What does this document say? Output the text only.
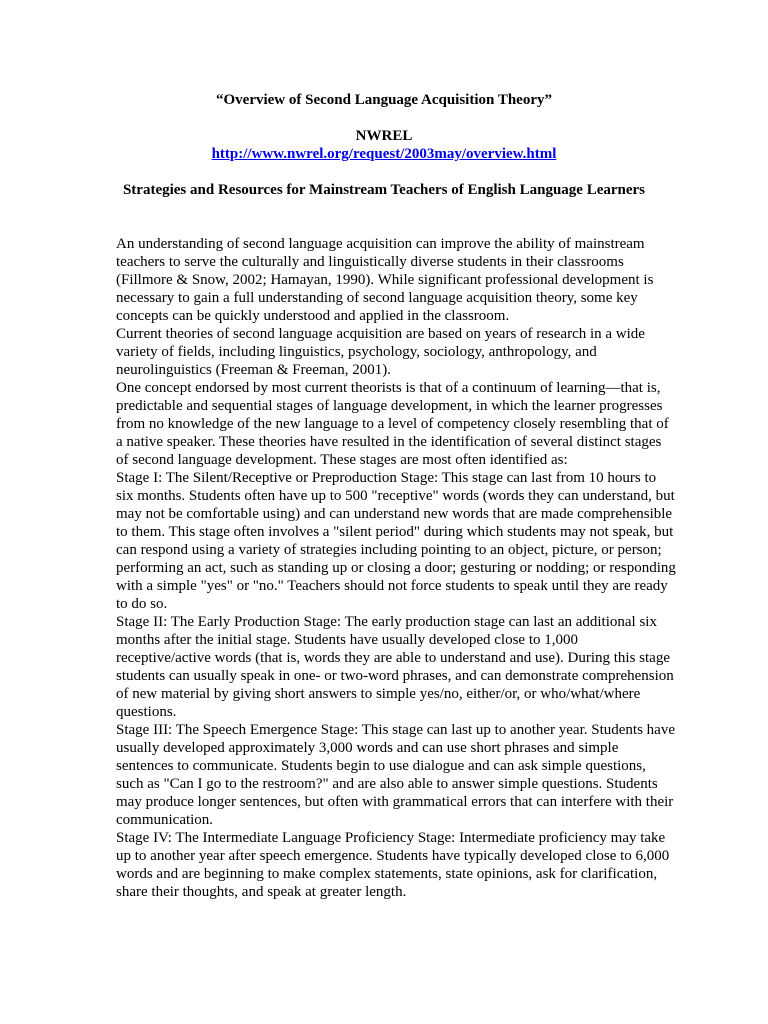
“Overview of Second Language Acquisition Theory”
NWREL
http://www.nwrel.org/request/2003may/overview.html
Strategies and Resources for Mainstream Teachers of English Language Learners

An understanding of second language acquisition can improve the ability of mainstream teachers to serve the culturally and linguistically diverse students in their classrooms (Fillmore & Snow, 2002; Hamayan, 1990). While significant professional development is necessary to gain a full understanding of second language acquisition theory, some key concepts can be quickly understood and applied in the classroom.

Current theories of second language acquisition are based on years of research in a wide variety of fields, including linguistics, psychology, sociology, anthropology, and neurolinguistics (Freeman & Freeman, 2001).

One concept endorsed by most current theorists is that of a continuum of learning—that is, predictable and sequential stages of language development, in which the learner progresses from no knowledge of the new language to a level of competency closely resembling that of a native speaker. These theories have resulted in the identification of several distinct stages of second language development. These stages are most often identified as:

Stage I: The Silent/Receptive or Preproduction Stage: This stage can last from 10 hours to six months. Students often have up to 500 "receptive" words (words they can understand, but may not be comfortable using) and can understand new words that are made comprehensible to them. This stage often involves a "silent period" during which students may not speak, but can respond using a variety of strategies including pointing to an object, picture, or person; performing an act, such as standing up or closing a door; gesturing or nodding; or responding with a simple "yes" or "no." Teachers should not force students to speak until they are ready to do so.

Stage II: The Early Production Stage: The early production stage can last an additional six months after the initial stage. Students have usually developed close to 1,000 receptive/active words (that is, words they are able to understand and use). During this stage students can usually speak in one- or two-word phrases, and can demonstrate comprehension of new material by giving short answers to simple yes/no, either/or, or who/what/where questions.

Stage III: The Speech Emergence Stage: This stage can last up to another year. Students have usually developed approximately 3,000 words and can use short phrases and simple sentences to communicate. Students begin to use dialogue and can ask simple questions, such as "Can I go to the restroom?" and are also able to answer simple questions. Students may produce longer sentences, but often with grammatical errors that can interfere with their communication.

Stage IV: The Intermediate Language Proficiency Stage: Intermediate proficiency may take up to another year after speech emergence. Students have typically developed close to 6,000 words and are beginning to make complex statements, state opinions, ask for clarification, share their thoughts, and speak at greater length.
